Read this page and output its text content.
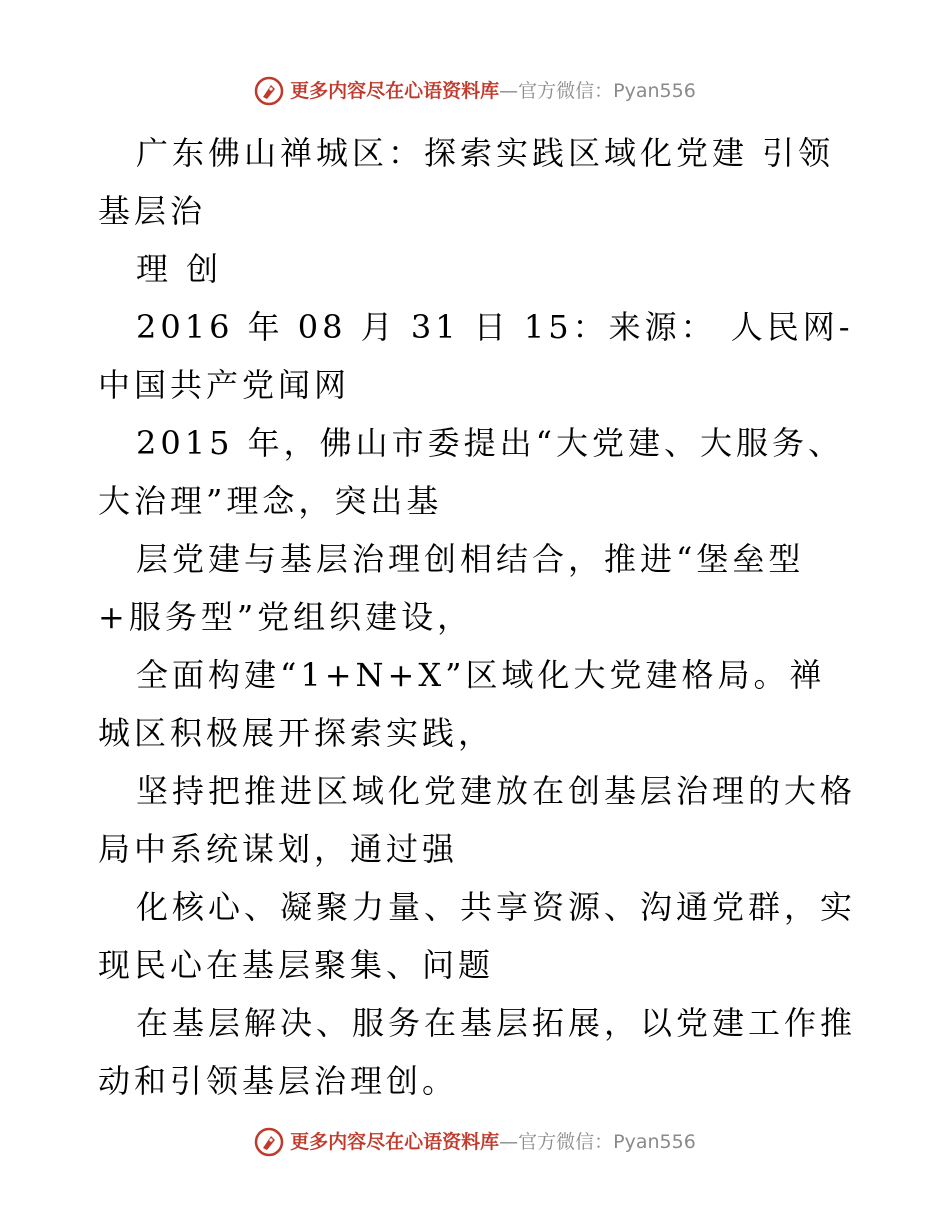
更多内容尽在心语资料库 — 官方微信：Pyan556

广东佛山禅城区：探索实践区域化党建 引领基层治

理 创

2016 年 08 月 31 日 15：来源： 人民网-中国共产党闻网

2015 年，佛山市委提出“大党建、大服务、大治理”理念，突出基

层党建与基层治理创相结合，推进“堡垒型+服务型”党组织建设，

全面构建“1+N+X”区域化大党建格局。禅城区积极展开探索实践，

坚持把推进区域化党建放在创基层治理的大格局中系统谋划，通过强

化核心、凝聚力量、共享资源、沟通党群，实现民心在基层聚集、问题

在基层解决、服务在基层拓展，以党建工作推动和引领基层治理创。

更多内容尽在心语资料库 — 官方微信：Pyan556
